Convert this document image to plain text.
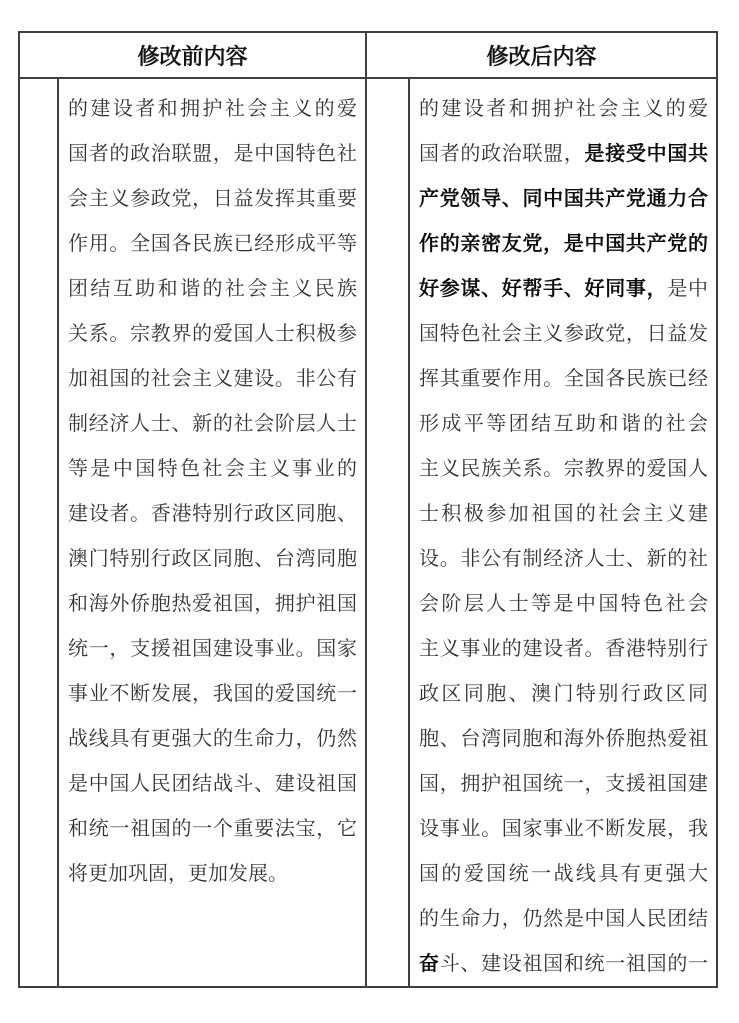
修改前内容	修改后内容
的建设者和拥护社会主义的爱
国者的政治联盟，是中国特色社
会主义参政党，日益发挥其重要
作用。全国各民族已经形成平等
团结互助和谐的社会主义民族
关系。宗教界的爱国人士积极参
加祖国的社会主义建设。非公有
制经济人士、新的社会阶层人士
等是中国特色社会主义事业的
建设者。香港特别行政区同胞、
澳门特别行政区同胞、台湾同胞
和海外侨胞热爱祖国，拥护祖国
统一，支援祖国建设事业。国家
事业不断发展，我国的爱国统一
战线具有更强大的生命力，仍然
是中国人民团结战斗、建设祖国
和统一祖国的一个重要法宝，它
将更加巩固，更加发展。
的建设者和拥护社会主义的爱
国者的政治联盟，是接受中国共
产党领导、同中国共产党通力合
作的亲密友党，是中国共产党的
好参谋、好帮手、好同事，是中
国特色社会主义参政党，日益发
挥其重要作用。全国各民族已经
形成平等团结互助和谐的社会
主义民族关系。宗教界的爱国人
士积极参加祖国的社会主义建
设。非公有制经济人士、新的社
会阶层人士等是中国特色社会
主义事业的建设者。香港特别行
政区同胞、澳门特别行政区同
胞、台湾同胞和海外侨胞热爱祖
国，拥护祖国统一，支援祖国建
设事业。国家事业不断发展，我
国的爱国统一战线具有更强大
的生命力，仍然是中国人民团结
奋斗、建设祖国和统一祖国的一
